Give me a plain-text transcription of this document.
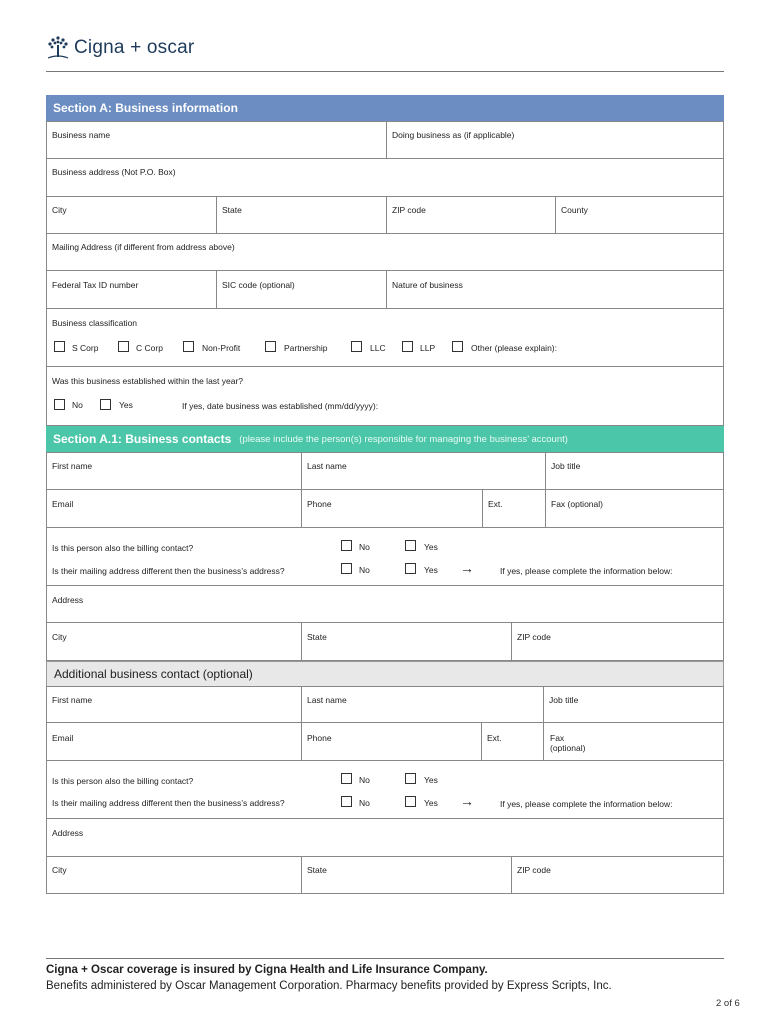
Cigna + oscar
Section A: Business information
Business name	Doing business as (if applicable)
Business address (Not P.O. Box)
City	State	ZIP code	County
Mailing Address (if different from address above)
Federal Tax ID number	SIC code (optional)	Nature of business
Business classification
S Corp	C Corp	Non-Profit	Partnership	LLC	LLP	Other (please explain):
Was this business established within the last year?
No	Yes	If yes, date business was established (mm/dd/yyyy):
Section A.1: Business contacts (please include the person(s) responsible for managing the business’ account)
First name	Last name	Job title
Email	Phone	Ext.	Fax (optional)
Is this person also the billing contact?	No	Yes
Is their mailing address different then the business’s address?	No	Yes →	If yes, please complete the information below:
Address
City	State	ZIP code
Additional business contact (optional)
First name	Last name	Job title
Email	Phone	Ext.	Fax
(optional)
Is this person also the billing contact?	No	Yes
Is their mailing address different then the business’s address?	No	Yes →	If yes, please complete the information below:
Address
City	State	ZIP code
Cigna + Oscar coverage is insured by Cigna Health and Life Insurance Company.
Benefits administered by Oscar Management Corporation. Pharmacy benefits provided by Express Scripts, Inc.
2 of 6
